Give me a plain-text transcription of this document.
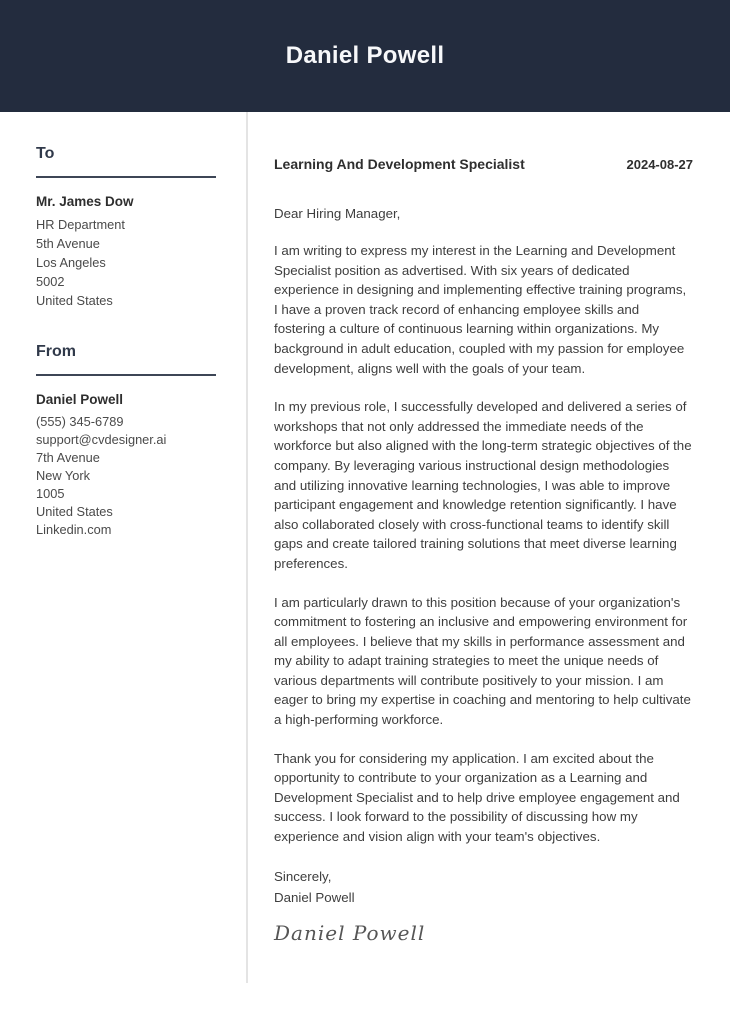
Daniel Powell
To
Mr. James Dow
HR Department
5th Avenue
Los Angeles
5002
United States
From
Daniel Powell
(555) 345-6789
support@cvdesigner.ai
7th Avenue
New York
1005
United States
Linkedin.com
Learning And Development Specialist	2024-08-27

Dear Hiring Manager,

I am writing to express my interest in the Learning and Development Specialist position as advertised. With six years of dedicated experience in designing and implementing effective training programs, I have a proven track record of enhancing employee skills and fostering a culture of continuous learning within organizations. My background in adult education, coupled with my passion for employee development, aligns well with the goals of your team.

In my previous role, I successfully developed and delivered a series of workshops that not only addressed the immediate needs of the workforce but also aligned with the long-term strategic objectives of the company. By leveraging various instructional design methodologies and utilizing innovative learning technologies, I was able to improve participant engagement and knowledge retention significantly. I have also collaborated closely with cross-functional teams to identify skill gaps and create tailored training solutions that meet diverse learning preferences.

I am particularly drawn to this position because of your organization's commitment to fostering an inclusive and empowering environment for all employees. I believe that my skills in performance assessment and my ability to adapt training strategies to meet the unique needs of various departments will contribute positively to your mission. I am eager to bring my expertise in coaching and mentoring to help cultivate a high-performing workforce.

Thank you for considering my application. I am excited about the opportunity to contribute to your organization as a Learning and Development Specialist and to help drive employee engagement and success. I look forward to the possibility of discussing how my experience and vision align with your team's objectives.

Sincerely,
Daniel Powell
Daniel Powell
